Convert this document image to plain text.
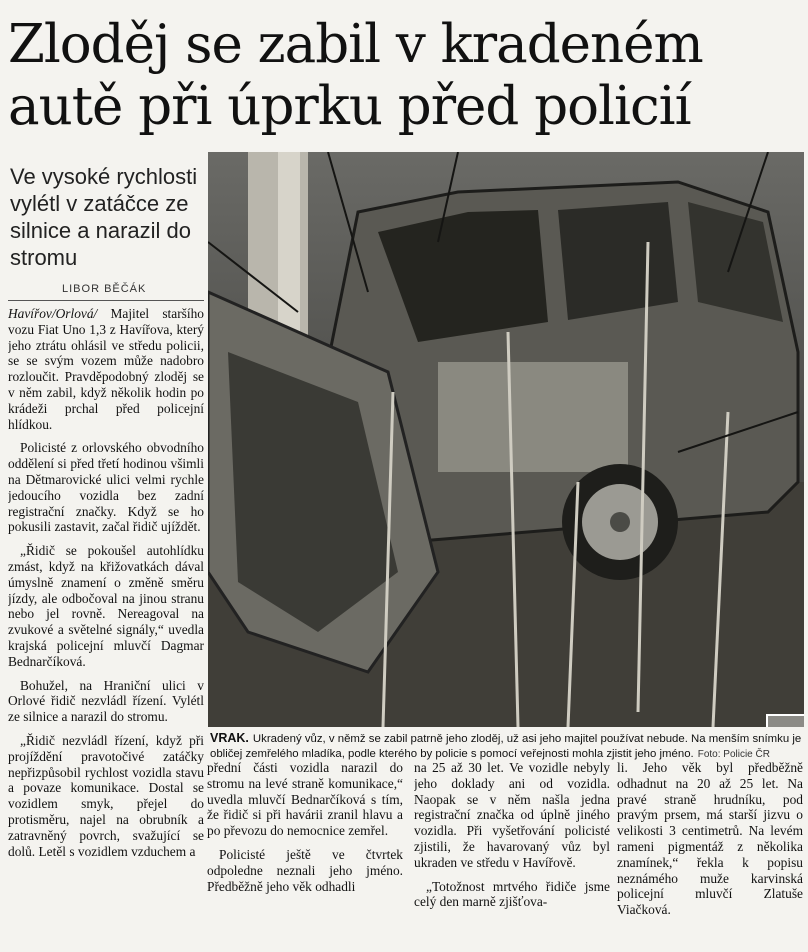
Zloděj se zabil v kradeném
autě při úprku před policií

Ve vysoké rychlosti vylétl v zatáčce ze silnice a narazil do stromu

LIBOR BĚČÁK

Havířov/Orlová/ Majitel staršího vozu Fiat Uno 1,3 z Havířova, který jeho ztrátu ohlásil ve středu policii, se se svým vozem může nadobro rozloučit. Pravděpodobný zloděj se v něm zabil, když několik hodin po krádeži prchal před policejní hlídkou.

Policisté z orlovského obvodního oddělení si před třetí hodinou všimli na Dětmarovické ulici velmi rychle jedoucího vozidla bez zadní registrační značky. Když se ho pokusili zastavit, začal řidič ujíždět.

„Řidič se pokoušel autohlídku zmást, když na křižovatkách dával úmyslně znamení o změně směru jízdy, ale odbočoval na jinou stranu nebo jel rovně. Nereagoval na zvukové a světelné signály,“ uvedla krajská policejní mluvčí Dagmar Bednarčíková.

Bohužel, na Hraniční ulici v Orlové řidič nezvládl řízení. Vylétl ze silnice a narazil do stromu.

„Řidič nezvládl řízení, když při projíždění pravotočivé zatáčky nepřizpůsobil rychlost vozidla stavu a povaze komunikace. Dostal se vozidlem smyk, přejel do protisměru, najel na obrubník a zatravněný povrch, svažující se dolů. Letěl s vozidlem vzduchem a

VRAK. Ukradený vůz, v němž se zabil patrně jeho zloděj, už asi jeho majitel používat nebude. Na menším snímku je obličej zemřelého mladíka, podle kterého by policie s pomocí veřejnosti mohla zjistit jeho jméno. Foto: Policie ČR

přední části vozidla narazil do stromu na levé straně komunikace,“ uvedla mluvčí Bednarčíková s tím, že řidič si při havárii zranil hlavu a po převozu do nemocnice zemřel.

Policisté ještě ve čtvrtek odpoledne neznali jeho jméno. Předběžně jeho věk odhadli

na 25 až 30 let. Ve vozidle nebyly jeho doklady ani od vozidla. Naopak se v něm našla jedna registrační značka od úplně jiného vozidla. Při vyšetřování policisté zjistili, že havarovaný vůz byl ukraden ve středu v Havířově.

„Totožnost mrtvého řidiče jsme celý den marně zjišťova-

li. Jeho věk byl předběžně odhadnut na 20 až 25 let. Na pravé straně hrudníku, pod pravým prsem, má starší jizvu o velikosti 3 centimetrů. Na levém rameni pigmentáž z několika znamínek,“ řekla k popisu neznámého muže karvinská policejní mluvčí Zlatuše Viačková.
